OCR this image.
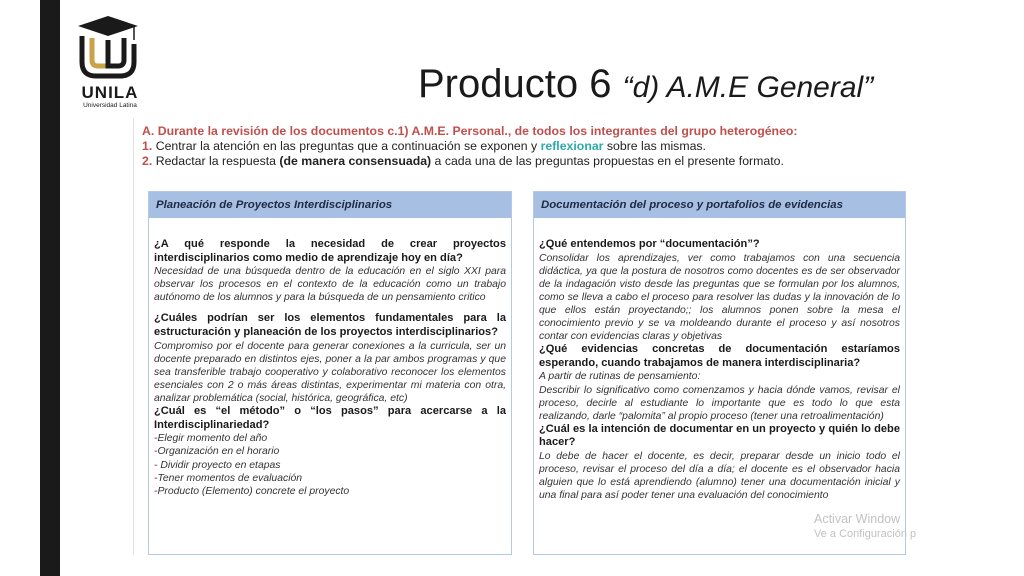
UNILA
Universidad Latina	Producto 6 “d) A.M.E General”
A. Durante la revisión de los documentos c.1) A.M.E. Personal., de todos los integrantes del grupo heterogéneo:
1. Centrar la atención en las preguntas que a continuación se exponen y reflexionar sobre las mismas.
2. Redactar la respuesta (de manera consensuada) a cada una de las preguntas propuestas en el presente formato.
Planeación de Proyectos Interdisciplinarios
¿A qué responde la necesidad de crear proyectos interdisciplinarios como medio de aprendizaje hoy en día?
Necesidad de una búsqueda dentro de la educación en el siglo XXI para observar los procesos en el contexto de la educación como un trabajo autónomo de los alumnos y para la búsqueda de un pensamiento critico
¿Cuáles podrían ser los elementos fundamentales para la estructuración y planeación de los proyectos interdisciplinarios?
Compromiso por el docente para generar conexiones a la curricula, ser un docente preparado en distintos ejes, poner a la par ambos programas y que sea transferible trabajo cooperativo y colaborativo reconocer los elementos esenciales con 2 o más áreas distintas, experimentar mi materia con otra, analizar problemática (social, histórica, geográfica, etc)
¿Cuál es “el método” o “los pasos” para acercarse a la Interdisciplinariedad?
-Elegir momento del año
-Organización en el horario
- Dividir proyecto en etapas
-Tener momentos de evaluación
-Producto (Elemento) concrete el proyecto
Documentación del proceso y portafolios de evidencias
¿Qué entendemos por “documentación”?
Consolidar los aprendizajes, ver como trabajamos con una secuencia didáctica, ya que la postura de nosotros como docentes es de ser observador de la indagación visto desde las preguntas que se formulan por los alumnos, como se lleva a cabo el proceso para resolver las dudas y la innovación de lo que ellos están proyectando;; los alumnos ponen sobre la mesa el conocimiento previo y se va moldeando durante el proceso y así nosotros contar con evidencias claras y objetivas
¿Qué evidencias concretas de documentación estaríamos esperando, cuando trabajamos de manera interdisciplinaria?
A partir de rutinas de pensamiento:
Describir lo significativo como comenzamos y hacia dónde vamos, revisar el proceso, decirle al estudiante lo importante que es todo lo que esta realizando, darle “palomita” al propio proceso (tener una retroalimentación)
¿Cuál es la intención de documentar en un proyecto y quién lo debe hacer?
Lo debe de hacer el docente, es decir, preparar desde un inicio todo el proceso, revisar el proceso del día a día; el docente es el observador hacia alguien que lo está aprendiendo (alumno) tener una documentación inicial y una final para así poder tener una evaluación del conocimiento
Activar Window
Ve a Configuración p
